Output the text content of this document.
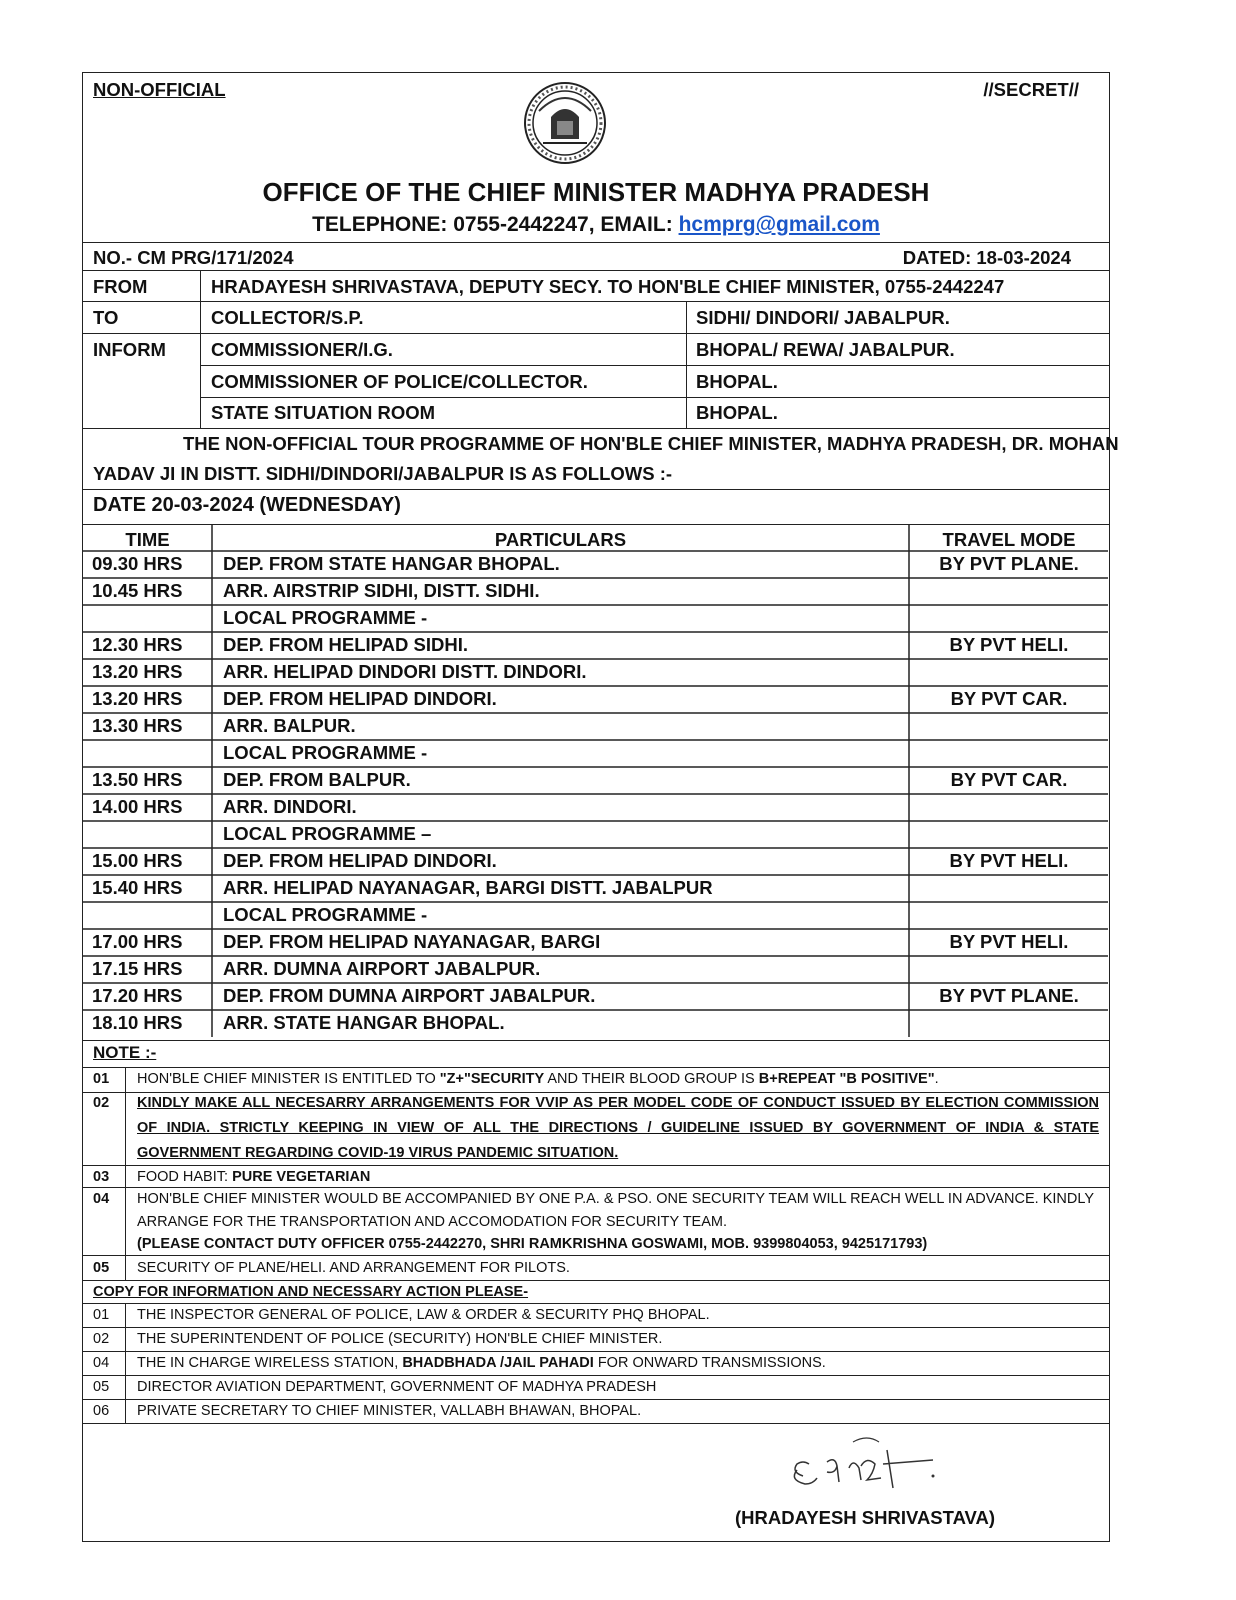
NON-OFFICIAL	//SECRET//
OFFICE OF THE CHIEF MINISTER MADHYA PRADESH
TELEPHONE: 0755-2442247, EMAIL: hcmprg@gmail.com
NO.- CM PRG/171/2024	DATED: 18-03-2024
FROM	HRADAYESH SHRIVASTAVA, DEPUTY SECY. TO HON'BLE CHIEF MINISTER, 0755-2442247
TO	COLLECTOR/S.P.	SIDHI/ DINDORI/ JABALPUR.
INFORM COMMISSIONER/I.G.	BHOPAL/ REWA/ JABALPUR.
COMMISSIONER OF POLICE/COLLECTOR.	BHOPAL.
STATE SITUATION ROOM	BHOPAL.
THE NON-OFFICIAL TOUR PROGRAMME OF HON'BLE CHIEF MINISTER, MADHYA PRADESH, DR. MOHAN
YADAV JI IN DISTT. SIDHI/DINDORI/JABALPUR IS AS FOLLOWS :-
DATE 20-03-2024 (WEDNESDAY)
TIME	PARTICULARS	TRAVEL MODE
09.30 HRS DEP. FROM STATE HANGAR BHOPAL.	BY PVT PLANE.
10.45 HRS ARR. AIRSTRIP SIDHI, DISTT. SIDHI.
LOCAL PROGRAMME -
12.30 HRS DEP. FROM HELIPAD SIDHI.	BY PVT HELI.
13.20 HRS ARR. HELIPAD DINDORI DISTT. DINDORI.
13.20 HRS DEP. FROM HELIPAD DINDORI.	BY PVT CAR.
13.30 HRS ARR. BALPUR.
LOCAL PROGRAMME -
13.50 HRS DEP. FROM BALPUR.	BY PVT CAR.
14.00 HRS ARR. DINDORI.
LOCAL PROGRAMME –
15.00 HRS DEP. FROM HELIPAD DINDORI.	BY PVT HELI.
15.40 HRS ARR. HELIPAD NAYANAGAR, BARGI DISTT. JABALPUR
LOCAL PROGRAMME -
17.00 HRS DEP. FROM HELIPAD NAYANAGAR, BARGI	BY PVT HELI.
17.15 HRS ARR. DUMNA AIRPORT JABALPUR.
17.20 HRS DEP. FROM DUMNA AIRPORT JABALPUR.	BY PVT PLANE.
18.10 HRS ARR. STATE HANGAR BHOPAL.
NOTE :-
01 HON'BLE CHIEF MINISTER IS ENTITLED TO "Z+"SECURITY AND THEIR BLOOD GROUP IS B+REPEAT "B POSITIVE".
02 KINDLY MAKE ALL NECESARRY ARRANGEMENTS FOR VVIP AS PER MODEL CODE OF CONDUCT ISSUED BY ELECTION COMMISSION
OF INDIA. STRICTLY KEEPING IN VIEW OF ALL THE DIRECTIONS / GUIDELINE ISSUED BY GOVERNMENT OF INDIA & STATE
GOVERNMENT REGARDING COVID-19 VIRUS PANDEMIC SITUATION.
03 FOOD HABIT: PURE VEGETARIAN
04 HON'BLE CHIEF MINISTER WOULD BE ACCOMPANIED BY ONE P.A. & PSO. ONE SECURITY TEAM WILL REACH WELL IN ADVANCE. KINDLY
ARRANGE FOR THE TRANSPORTATION AND ACCOMODATION FOR SECURITY TEAM.
(PLEASE CONTACT DUTY OFFICER 0755-2442270, SHRI RAMKRISHNA GOSWAMI, MOB. 9399804053, 9425171793)
05 SECURITY OF PLANE/HELI. AND ARRANGEMENT FOR PILOTS.
COPY FOR INFORMATION AND NECESSARY ACTION PLEASE-
01 THE INSPECTOR GENERAL OF POLICE, LAW & ORDER & SECURITY PHQ BHOPAL.
02 THE SUPERINTENDENT OF POLICE (SECURITY) HON'BLE CHIEF MINISTER.
04 THE IN CHARGE WIRELESS STATION, BHADBHADA /JAIL PAHADI FOR ONWARD TRANSMISSIONS.
05 DIRECTOR AVIATION DEPARTMENT, GOVERNMENT OF MADHYA PRADESH
06 PRIVATE SECRETARY TO CHIEF MINISTER, VALLABH BHAWAN, BHOPAL.
(HRADAYESH SHRIVASTAVA)
